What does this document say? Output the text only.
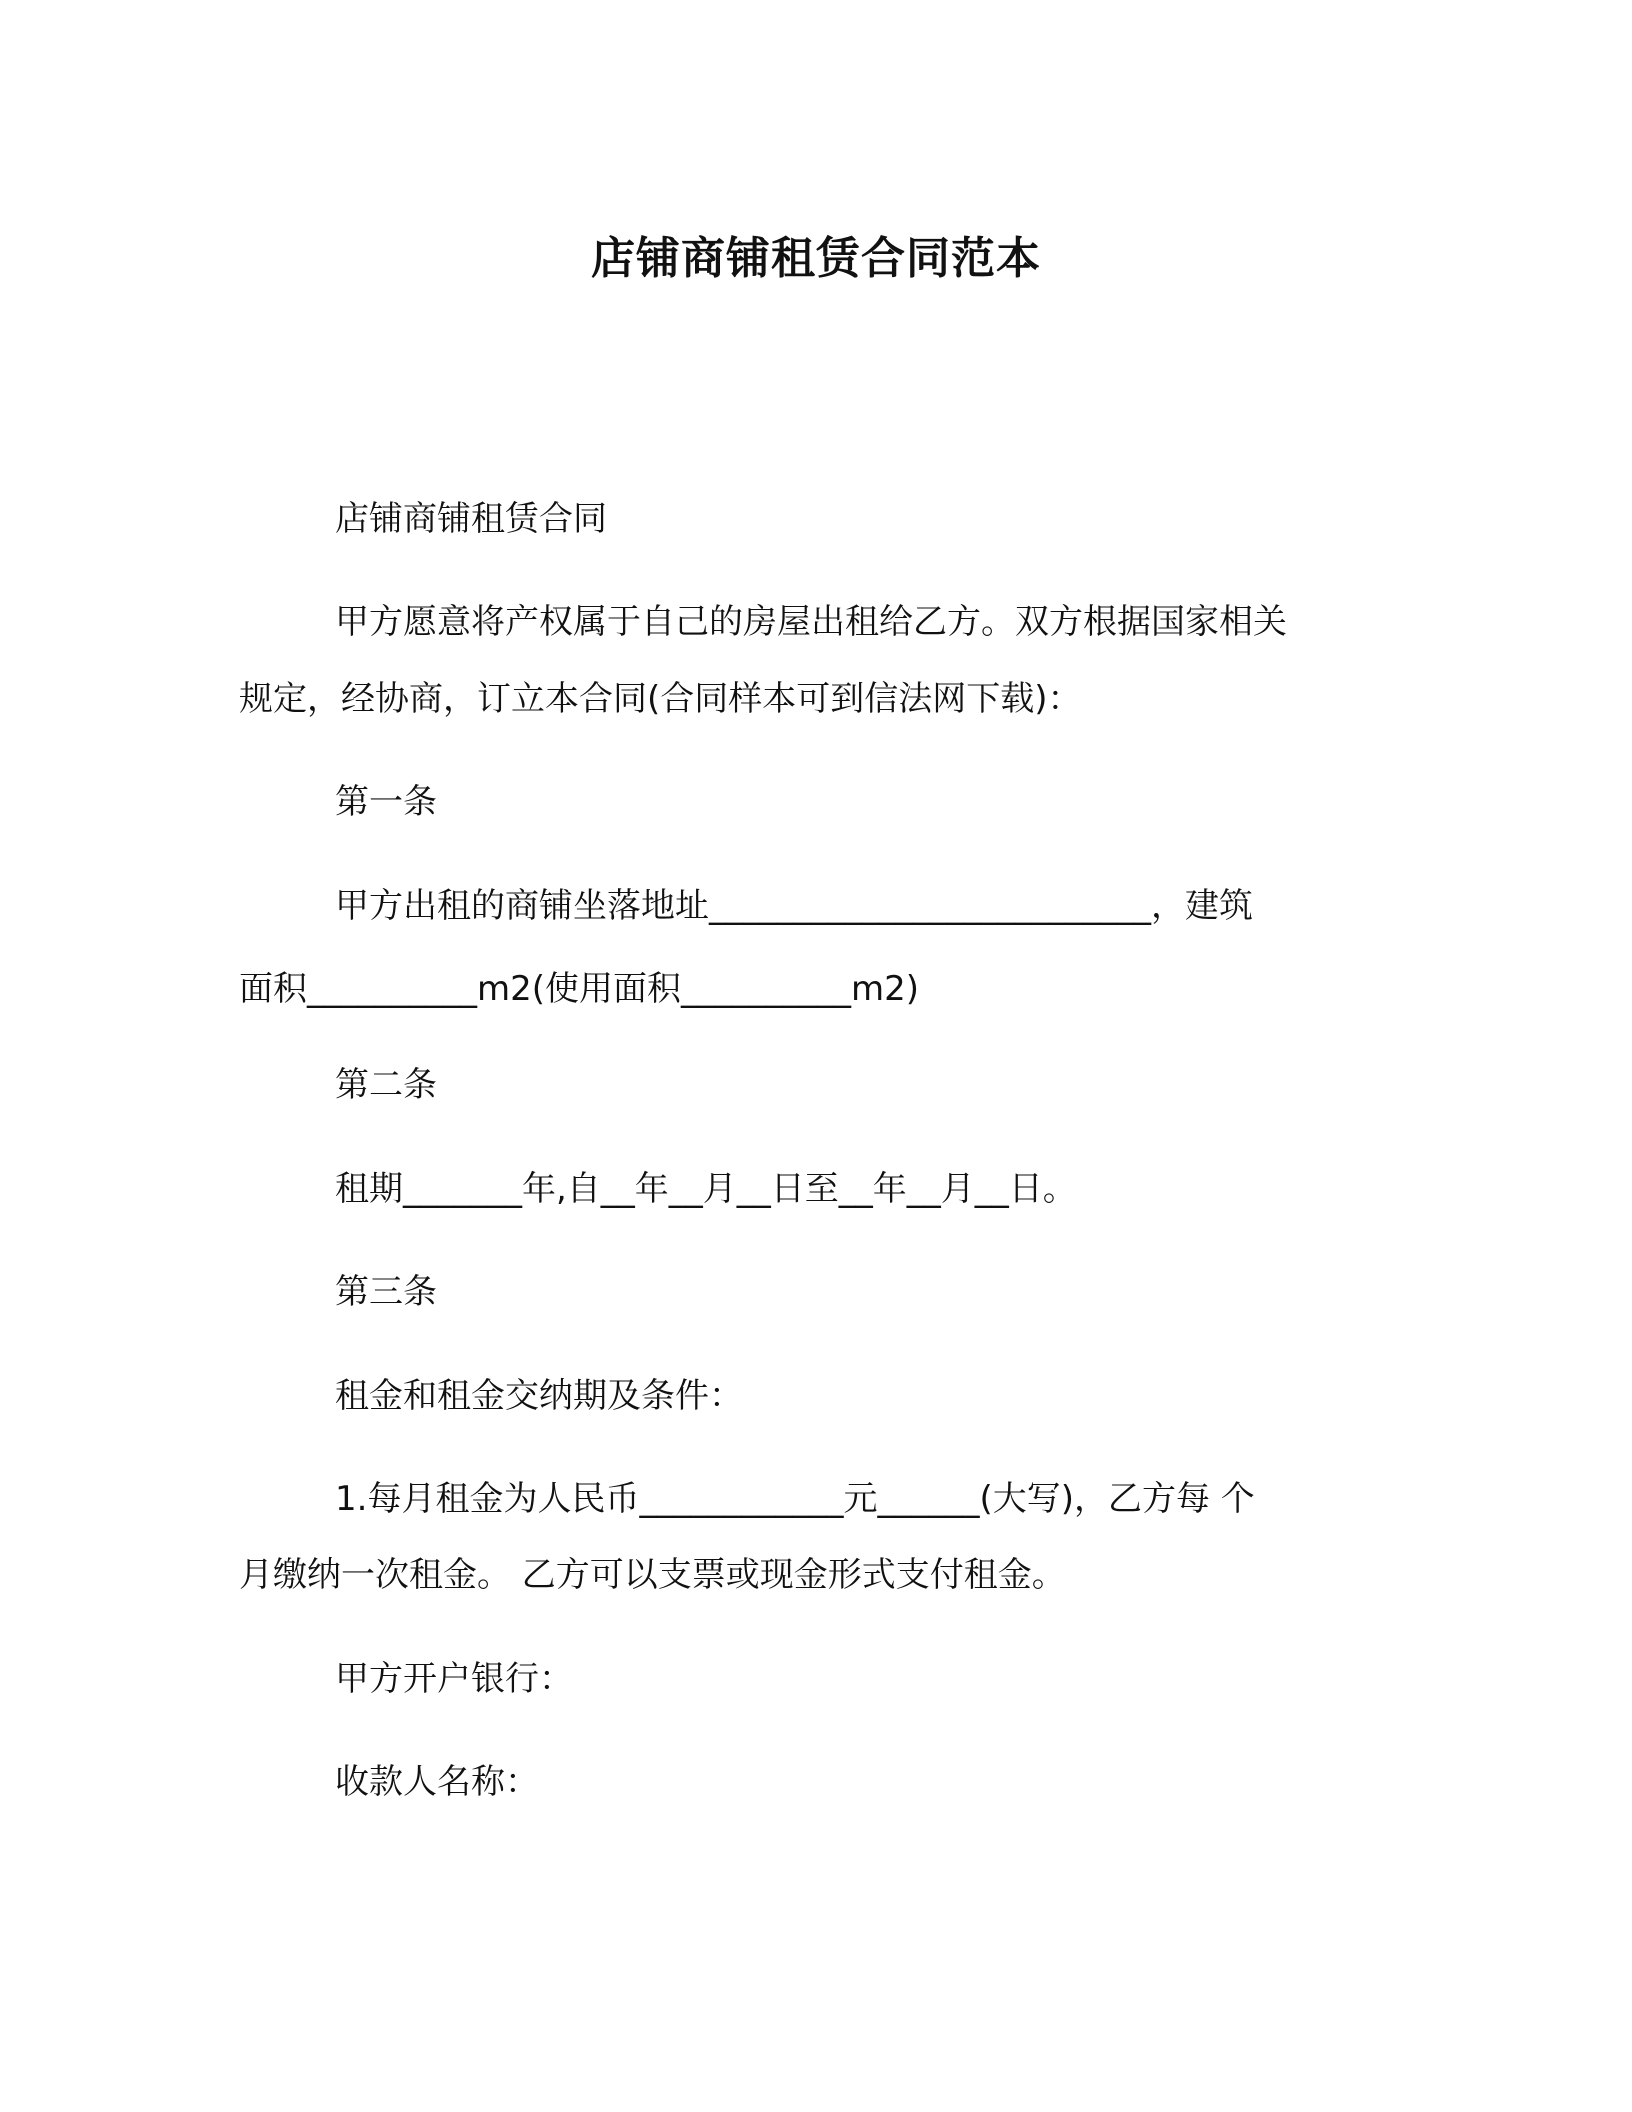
店铺商铺租赁合同范本
店铺商铺租赁合同
甲方愿意将产权属于自己的房屋出租给乙方。双方根据国家相关
规定，经协商，订立本合同(合同样本可到信法网下载)：
第一条
甲方出租的商铺坐落地址__________________________，建筑
面积__________m2(使用面积__________m2)
第二条
租期_______年,自__年__月__日至__年__月__日。
第三条
租金和租金交纳期及条件：
1.每月租金为人民币____________元______(大写)，乙方每 个
月缴纳一次租金。 乙方可以支票或现金形式支付租金。
甲方开户银行：
收款人名称：
